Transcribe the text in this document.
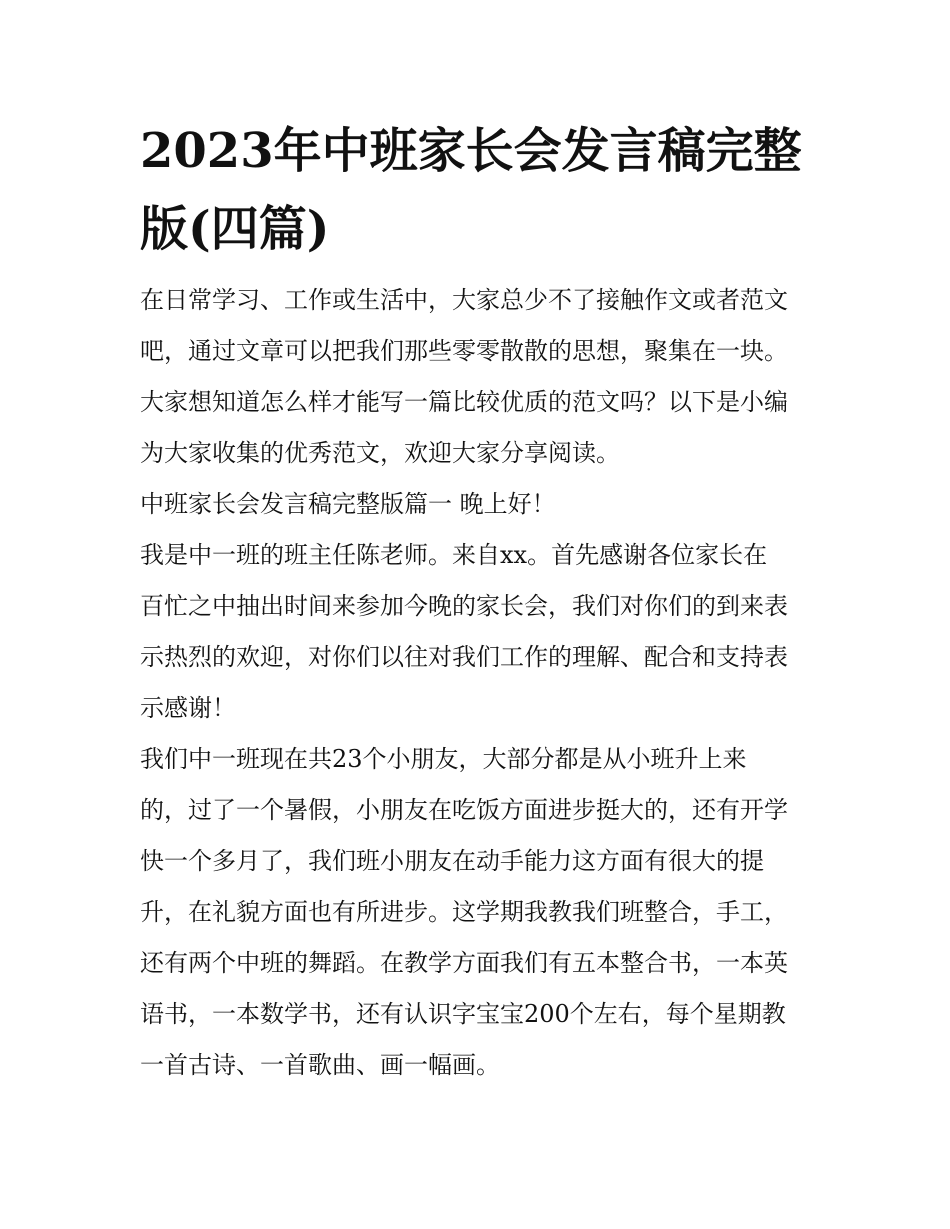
2023年中班家长会发言稿完整版(四篇)
在日常学习、工作或生活中，大家总少不了接触作文或者范文
吧，通过文章可以把我们那些零零散散的思想，聚集在一块。
大家想知道怎么样才能写一篇比较优质的范文吗？以下是小编
为大家收集的优秀范文，欢迎大家分享阅读。
中班家长会发言稿完整版篇一 晚上好！
我是中一班的班主任陈老师。来自xx。首先感谢各位家长在
百忙之中抽出时间来参加今晚的家长会，我们对你们的到来表
示热烈的欢迎，对你们以往对我们工作的理解、配合和支持表
示感谢！
我们中一班现在共23个小朋友，大部分都是从小班升上来
的，过了一个暑假，小朋友在吃饭方面进步挺大的，还有开学
快一个多月了，我们班小朋友在动手能力这方面有很大的提
升，在礼貌方面也有所进步。这学期我教我们班整合，手工，
还有两个中班的舞蹈。在教学方面我们有五本整合书，一本英
语书，一本数学书，还有认识字宝宝200个左右，每个星期教
一首古诗、一首歌曲、画一幅画。
